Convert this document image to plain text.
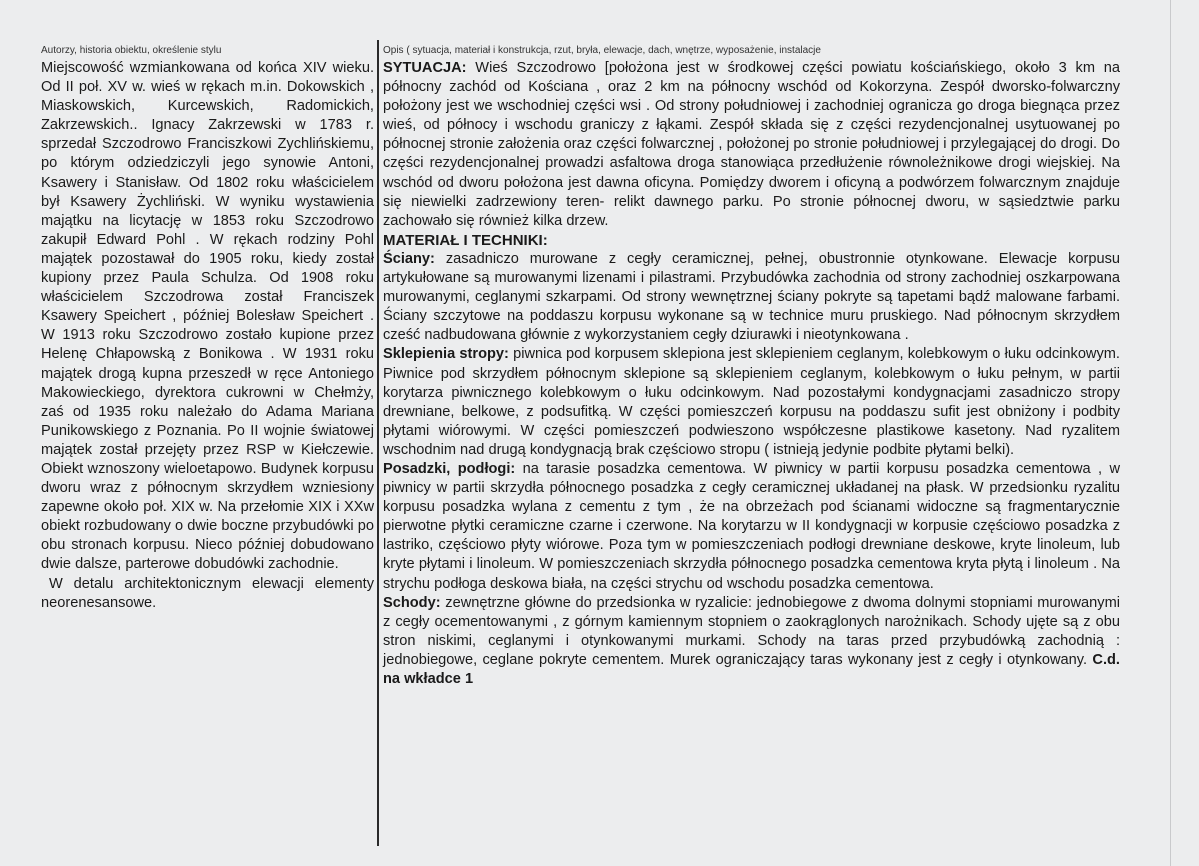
Autorzy, historia obiektu, określenie stylu

Miejscowość wzmiankowana od końca XIV wieku. Od II poł. XV w. wieś w rękach m.in. Dokowskich , Miaskowskich, Kurcewskich, Radomickich, Zakrzewskich.. Ignacy Zakrzewski w 1783 r. sprzedał Szczodrowo Franciszkowi Zychlińskiemu, po którym odziedziczyli jego synowie Antoni, Ksawery i Stanisław. Od 1802 roku właścicielem był Ksawery Żychliński. W wyniku wystawienia majątku na licytację w 1853 roku Szczodrowo zakupił Edward Pohl . W rękach rodziny Pohl majątek pozostawał do 1905 roku, kiedy został kupiony przez Paula Schulza. Od 1908 roku właścicielem Szczodrowa został Franciszek Ksawery Speichert , później Bolesław Speichert . W 1913 roku Szczodrowo zostało kupione przez Helenę Chłapowską z Bonikowa . W 1931 roku majątek drogą kupna przeszedł w ręce Antoniego Makowieckiego, dyrektora cukrowni w Chełmży, zaś od 1935 roku należało do Adama Mariana Punikowskiego z Poznania. Po II wojnie światowej majątek został przejęty przez RSP w Kiełczewie. Obiekt wznoszony wieloetapowo. Budynek korpusu dworu wraz z północnym skrzydłem wzniesiony zapewne około poł. XIX w. Na przełomie XIX i XXw obiekt rozbudowany o dwie boczne przybudówki po obu stronach korpusu. Nieco później dobudowano dwie dalsze, parterowe dobudówki zachodnie.

W detalu architektonicznym elewacji elementy neorenesansowe.

Opis ( sytuacja, materiał i konstrukcja, rzut, bryła, elewacje, dach, wnętrze, wyposażenie, instalacje

SYTUACJA: Wieś Szczodrowo [położona jest w środkowej części powiatu kościańskiego, około 3 km na północny zachód od Kościana , oraz 2 km na północny wschód od Kokorzyna. Zespół dworsko-folwarczny położony jest we wschodniej części wsi . Od strony południowej i zachodniej ogranicza go droga biegnąca przez wieś, od północy i wschodu graniczy z łąkami. Zespół składa się z części rezydencjonalnej usytuowanej po północnej stronie założenia oraz części folwarcznej , położonej po stronie południowej i przylegającej do drogi. Do części rezydencjonalnej prowadzi asfaltowa droga stanowiąca przedłużenie równoleżnikowe drogi wiejskiej. Na wschód od dworu położona jest dawna oficyna. Pomiędzy dworem i oficyną a podwórzem folwarcznym znajduje się niewielki zadrzewiony teren- relikt dawnego parku. Po stronie północnej dworu, w sąsiedztwie parku zachowało się również kilka drzew.

MATERIAŁ I TECHNIKI:

Ściany: zasadniczo murowane z cegły ceramicznej, pełnej, obustronnie otynkowane. Elewacje korpusu artykułowane są murowanymi lizenami i pilastrami. Przybudówka zachodnia od strony zachodniej oszkarpowana murowanymi, ceglanymi szkarpami. Od strony wewnętrznej ściany pokryte są tapetami bądź malowane farbami. Ściany szczytowe na poddaszu korpusu wykonane są w technice muru pruskiego. Nad północnym skrzydłem cześć nadbudowana głównie z wykorzystaniem cegły dziurawki i nieotynkowana .

Sklepienia stropy: piwnica pod korpusem sklepiona jest sklepieniem ceglanym, kolebkowym o łuku odcinkowym. Piwnice pod skrzydłem północnym sklepione są sklepieniem ceglanym, kolebkowym o łuku pełnym, w partii korytarza piwnicznego kolebkowym o łuku odcinkowym. Nad pozostałymi kondygnacjami zasadniczo stropy drewniane, belkowe, z podsufitką. W części pomieszczeń korpusu na poddaszu sufit jest obniżony i podbity płytami wiórowymi. W części pomieszczeń podwieszono współczesne plastikowe kasetony. Nad ryzalitem wschodnim nad drugą kondygnacją brak częściowo stropu ( istnieją jedynie podbite płytami belki).

Posadzki, podłogi: na tarasie posadzka cementowa. W piwnicy w partii korpusu posadzka cementowa , w piwnicy w partii skrzydła północnego posadzka z cegły ceramicznej układanej na płask. W przedsionku ryzalitu korpusu posadzka wylana z cementu z tym , że na obrzeżach pod ścianami widoczne są fragmentarycznie pierwotne płytki ceramiczne czarne i czerwone. Na korytarzu w II kondygnacji w korpusie częściowo posadzka z lastriko, częściowo płyty wiórowe. Poza tym w pomieszczeniach podłogi drewniane deskowe, kryte linoleum, lub kryte płytami i linoleum. W pomieszczeniach skrzydła północnego posadzka cementowa kryta płytą i linoleum . Na strychu podłoga deskowa biała, na części strychu od wschodu posadzka cementowa.

Schody: zewnętrzne główne do przedsionka w ryzalicie: jednobiegowe z dwoma dolnymi stopniami murowanymi z cegły ocementowanymi , z górnym kamiennym stopniem o zaokrąglonych narożnikach. Schody ujęte są z obu stron niskimi, ceglanymi i otynkowanymi murkami. Schody na taras przed przybudówką zachodnią : jednobiegowe, ceglane pokryte cementem. Murek ograniczający taras wykonany jest z cegły i otynkowany. C.d. na wkładce 1
